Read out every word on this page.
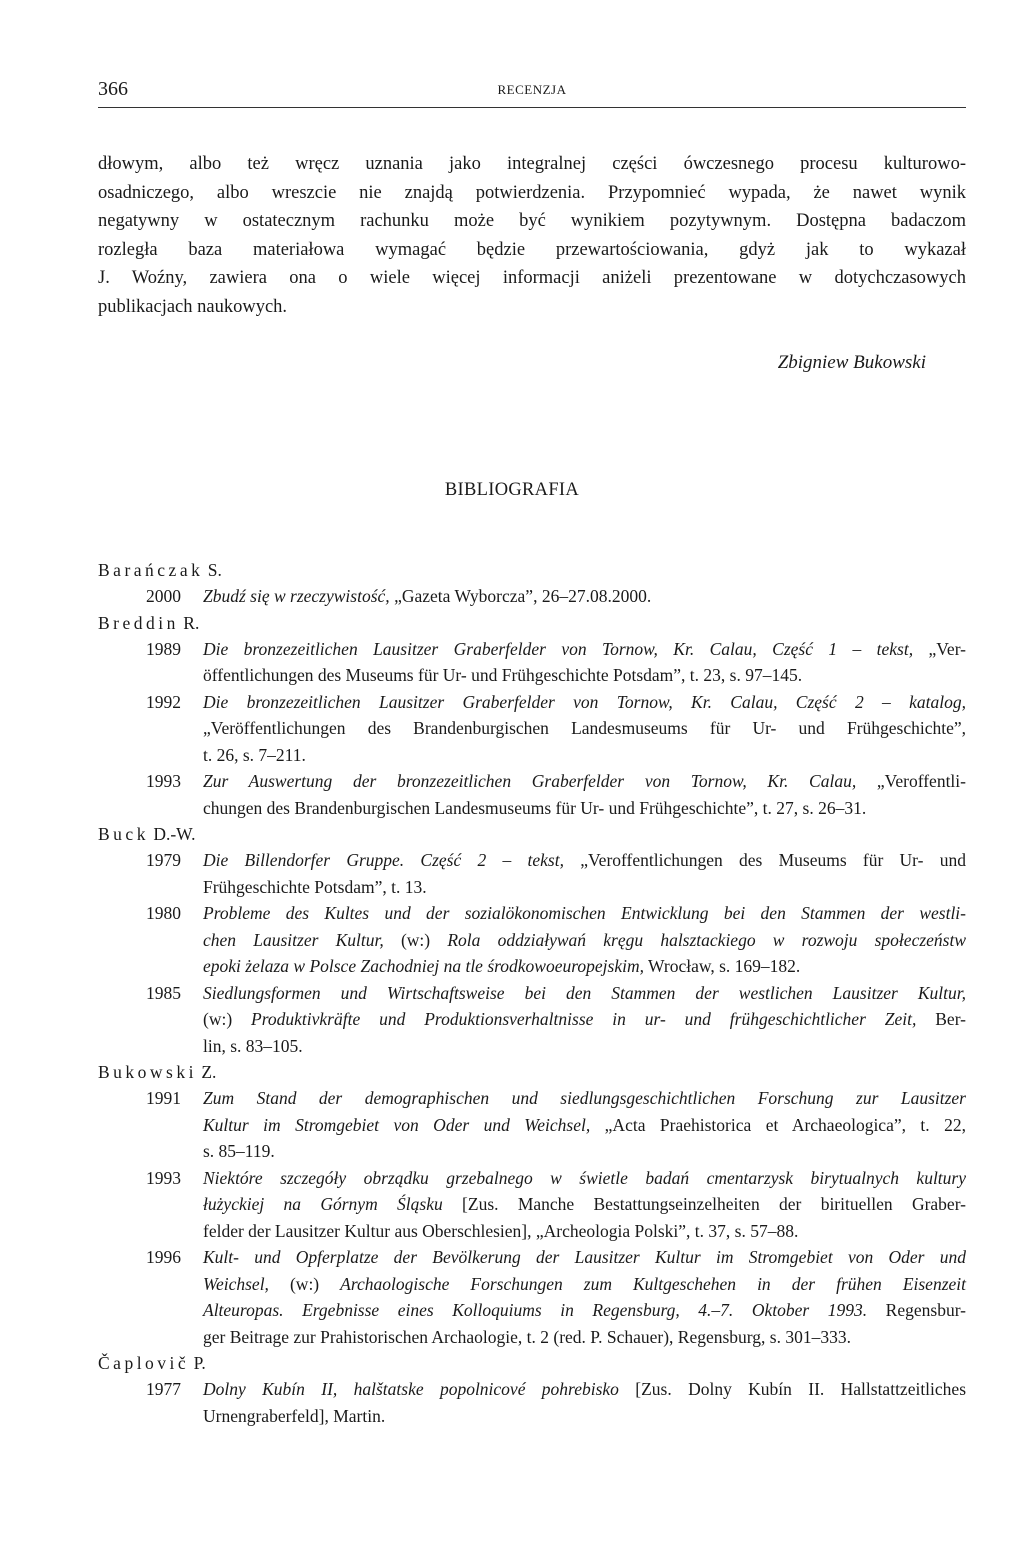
366	RECENZJA
dłowym, albo też wręcz uznania jako integralnej części ówczesnego procesu kulturowo-
osadniczego, albo wreszcie nie znajdą potwierdzenia. Przypomnieć wypada, że nawet wynik
negatywny w ostatecznym rachunku może być wynikiem pozytywnym. Dostępna badaczom
rozległa baza materiałowa wymagać będzie przewartościowania, gdyż jak to wykazał
J. Woźny, zawiera ona o wiele więcej informacji aniżeli prezentowane w dotychczasowych
publikacjach naukowych.
Zbigniew Bukowski
BIBLIOGRAFIA
Barańczak S.
2000	Zbudź się w rzeczywistość, „Gazeta Wyborcza”, 26–27.08.2000.
Breddin R.
1989	Die bronzezeitlichen Lausitzer Graberfelder von Tornow, Kr. Calau, Część 1 – tekst, „Ver-
öffentlichungen des Museums für Ur- und Frühgeschichte Potsdam”, t. 23, s. 97–145.
1992	Die bronzezeitlichen Lausitzer Graberfelder von Tornow, Kr. Calau, Część 2 – katalog,
„Veröffentlichungen des Brandenburgischen Landesmuseums für Ur- und Frühgeschichte”,
t. 26, s. 7–211.
1993	Zur Auswertung der bronzezeitlichen Graberfelder von Tornow, Kr. Calau, „Veroffentli-
chungen des Brandenburgischen Landesmuseums für Ur- und Frühgeschichte”, t. 27, s. 26–31.
Buck D.-W.
1979	Die Billendorfer Gruppe. Część 2 – tekst, „Veroffentlichungen des Museums für Ur- und
Frühgeschichte Potsdam”, t. 13.
1980	Probleme des Kultes und der sozialökonomischen Entwicklung bei den Stammen der westli-
chen Lausitzer Kultur, (w:) Rola oddziaływań kręgu halsztackiego w rozwoju społeczeństw
epoki żelaza w Polsce Zachodniej na tle środkowoeuropejskim, Wrocław, s. 169–182.
1985	Siedlungsformen und Wirtschaftsweise bei den Stammen der westlichen Lausitzer Kultur,
(w:) Produktivkräfte und Produktionsverhaltnisse in ur- und frühgeschichtlicher Zeit, Ber-
lin, s. 83–105.
Bukowski Z.
1991	Zum Stand der demographischen und siedlungsgeschichtlichen Forschung zur Lausitzer
Kultur im Stromgebiet von Oder und Weichsel, „Acta Praehistorica et Archaeologica”, t. 22,
s. 85–119.
1993	Niektóre szczegóły obrządku grzebalnego w świetle badań cmentarzysk birytualnych kultury
łużyckiej na Górnym Śląsku [Zus. Manche Bestattungseinzelheiten der birituellen Graber-
felder der Lausitzer Kultur aus Oberschlesien], „Archeologia Polski”, t. 37, s. 57–88.
1996	Kult- und Opferplatze der Bevölkerung der Lausitzer Kultur im Stromgebiet von Oder und
Weichsel, (w:) Archaologische Forschungen zum Kultgeschehen in der frühen Eisenzeit
Alteuropas. Ergebnisse eines Kolloquiums in Regensburg, 4.–7. Oktober 1993. Regensbur-
ger Beitrage zur Prahistorischen Archaologie, t. 2 (red. P. Schauer), Regensburg, s. 301–333.
Čaplovič P.
1977	Dolny Kubín II, halštatske popolnicové pohrebisko [Zus. Dolny Kubín II. Hallstattzeitliches
Urnengraberfeld], Martin.
